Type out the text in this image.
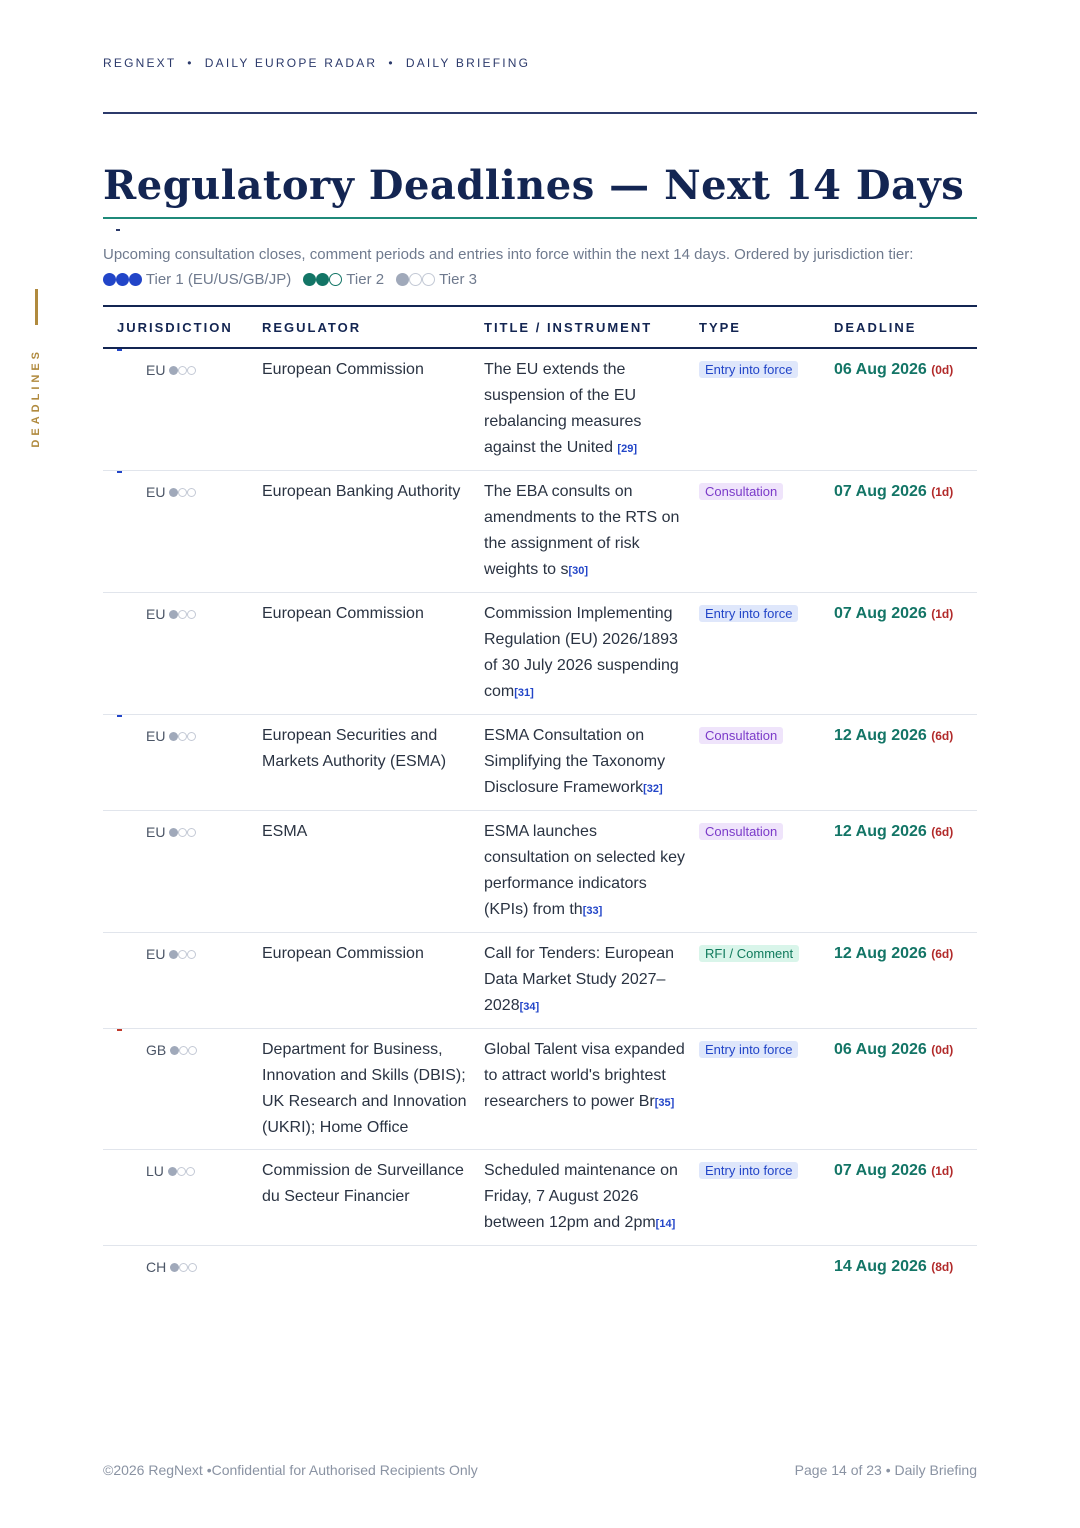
REGNEXT  •  DAILY EUROPE RADAR  •  DAILY BRIEFING
DEADLINES
Regulatory Deadlines — Next 14 Days
Upcoming consultation closes, comment periods and entries into force within the next 14 days. Ordered by jurisdiction tier:
Tier 1 (EU/US/GB/JP)	Tier 2	Tier 3
JURISDICTION	REGULATOR	TITLE / INSTRUMENT	TYPE	DEADLINE

EU	European Commission	The EU extends the suspension of the EU rebalancing measures against the United [29]	Entry into force	06 Aug 2026 (0d)

EU	European Banking Authority	The EBA consults on amendments to the RTS on the assignment of risk weights to s[30]	Consultation	07 Aug 2026 (1d)
EU	European Commission	Commission Implementing Regulation (EU) 2026/1893 of 30 July 2026 suspending com[31]	Entry into force	07 Aug 2026 (1d)

EU	European Securities and Markets Authority (ESMA)	ESMA Consultation on Simplifying the Taxonomy Disclosure Framework[32]	Consultation	12 Aug 2026 (6d)
EU	ESMA	ESMA launches consultation on selected key performance indicators (KPIs) from th[33]	Consultation	12 Aug 2026 (6d)
EU	European Commission	Call for Tenders: European Data Market Study 2027–2028[34]	RFI / Comment	12 Aug 2026 (6d)

GB	Department for Business, Innovation and Skills (DBIS); UK Research and Innovation (UKRI); Home Office	Global Talent visa expanded to attract world's brightest researchers to power Br[35]	Entry into force	06 Aug 2026 (0d)
LU	Commission de Surveillance du Secteur Financier	Scheduled maintenance on Friday, 7 August 2026 between 12pm and 2pm[14]	Entry into force	07 Aug 2026 (1d)
CH				14 Aug 2026 (8d)
©2026 RegNext •Confidential for Authorised Recipients Only	Page 14 of 23 • Daily Briefing
